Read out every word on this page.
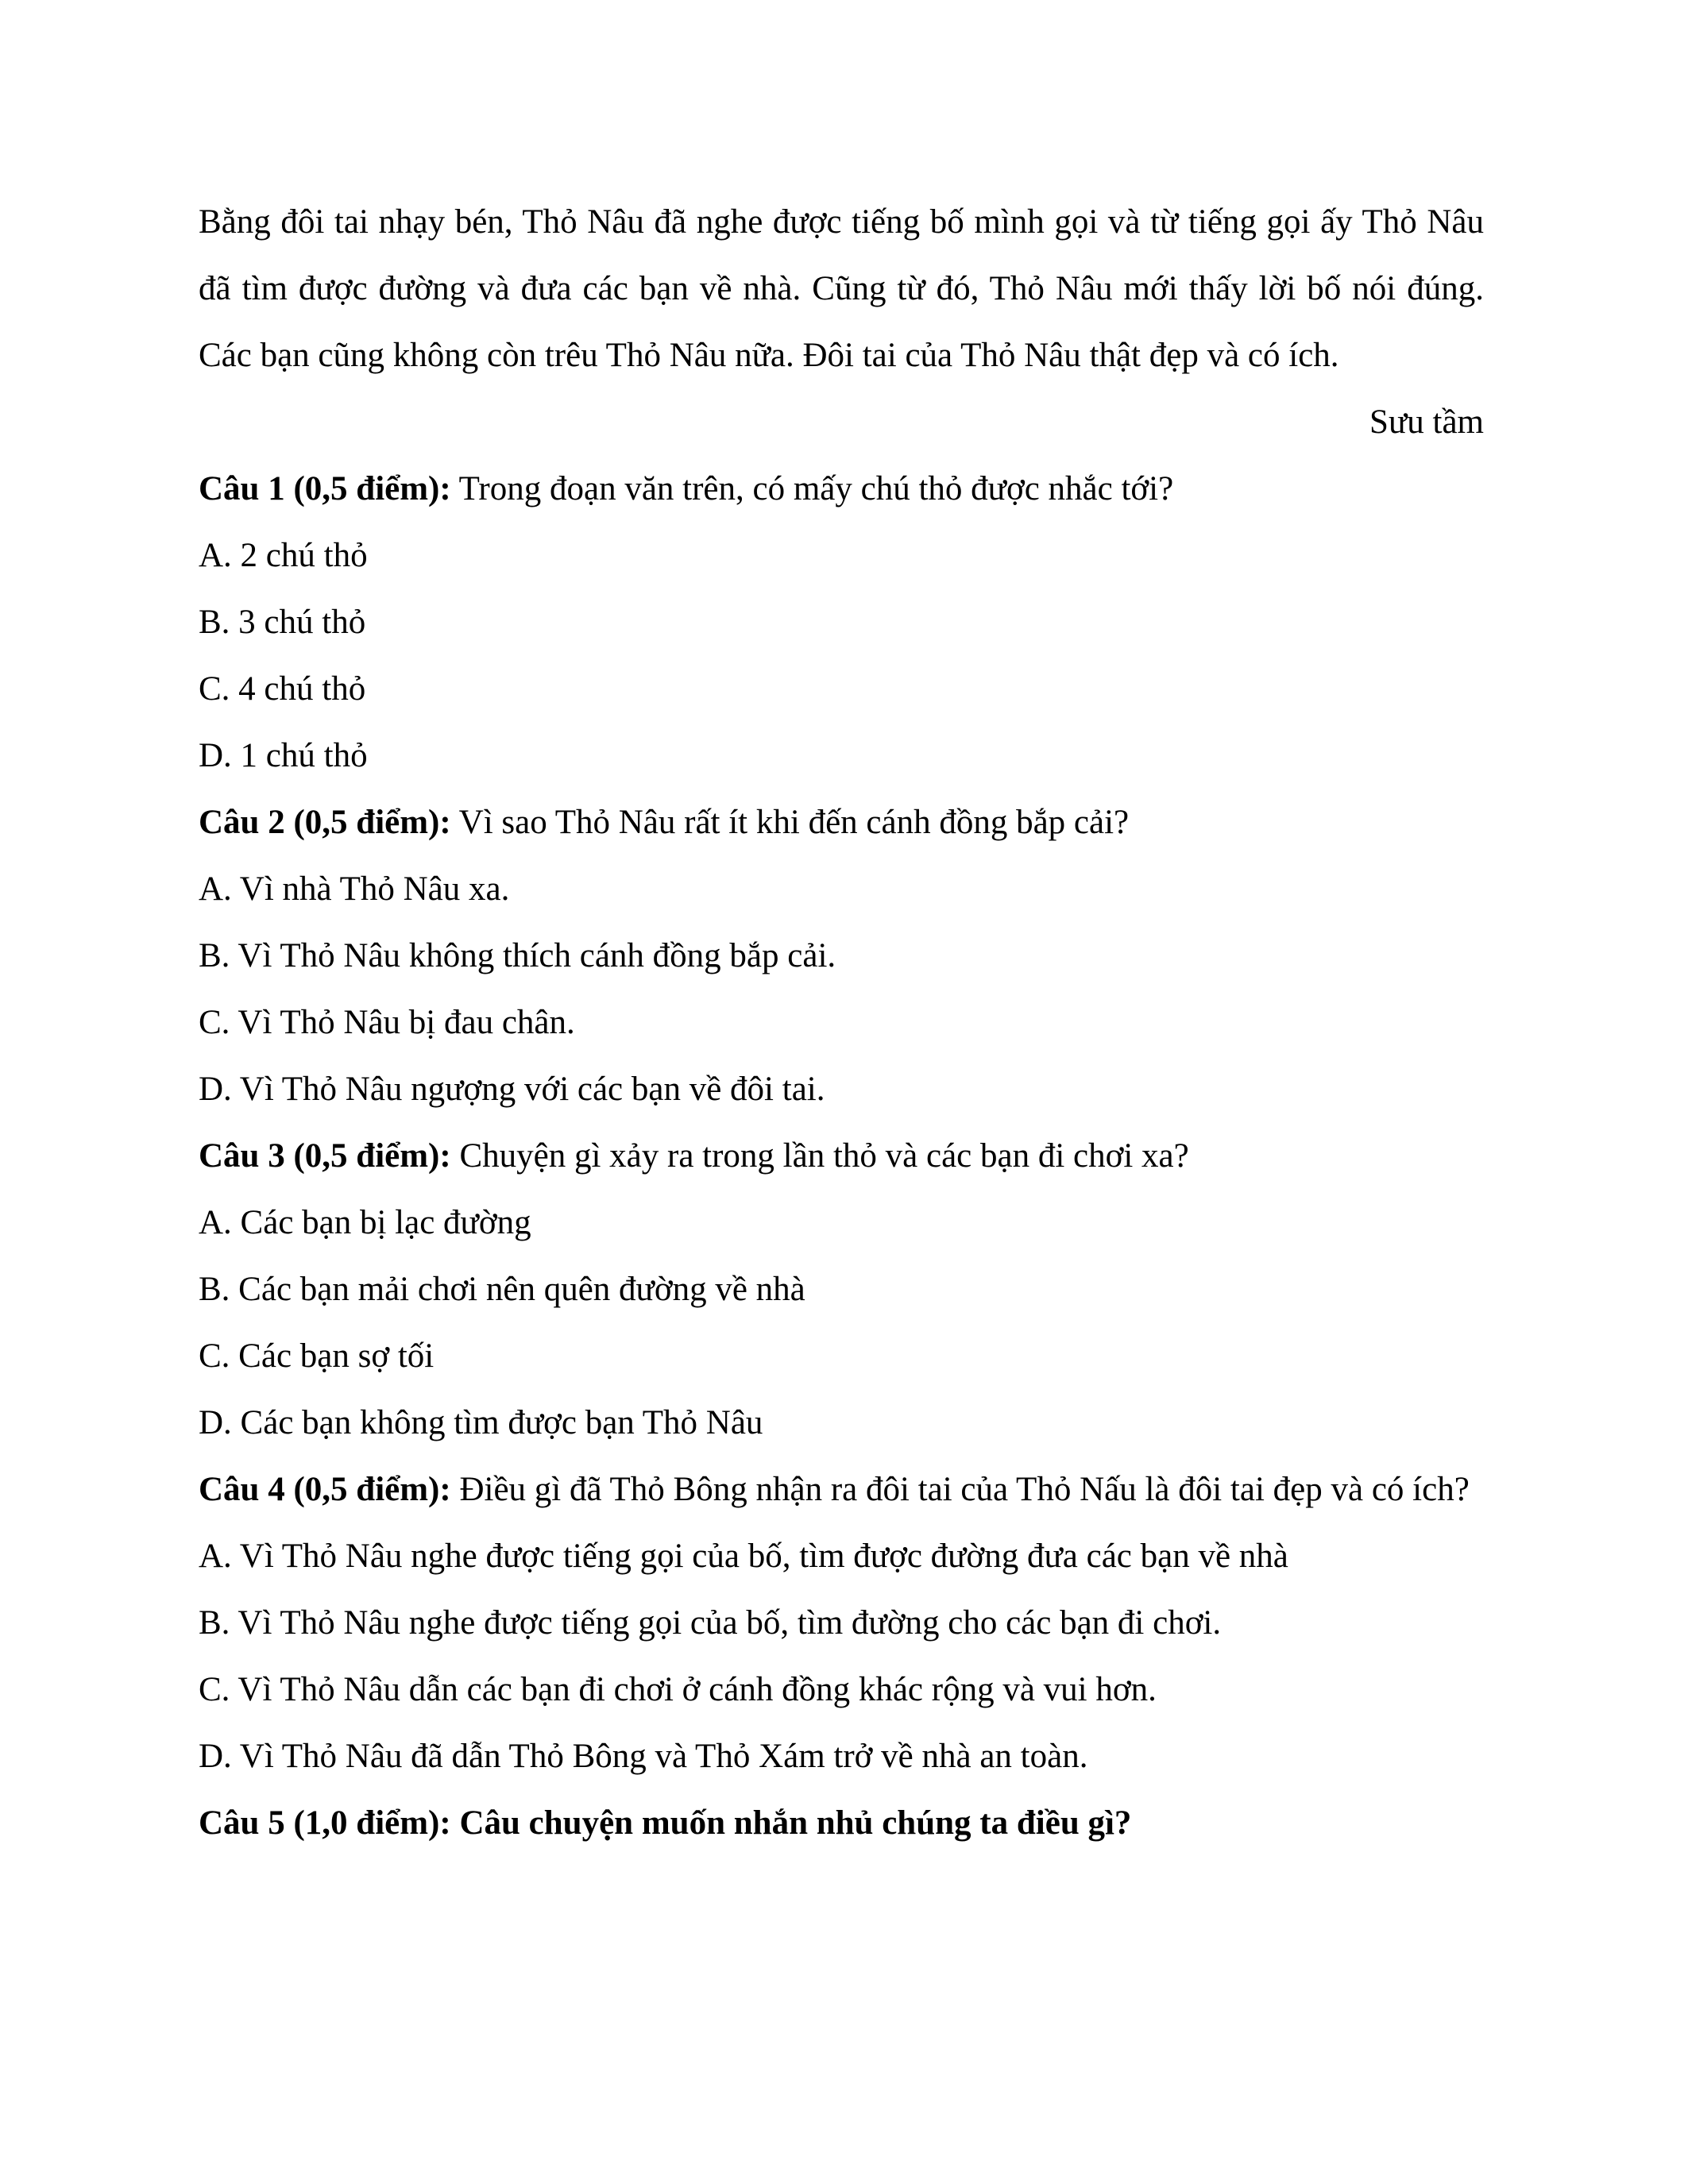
Bằng đôi tai nhạy bén, Thỏ Nâu đã nghe được tiếng bố mình gọi và từ tiếng gọi ấy Thỏ Nâu đã tìm được đường và đưa các bạn về nhà. Cũng từ đó, Thỏ Nâu mới thấy lời bố nói đúng. Các bạn cũng không còn trêu Thỏ Nâu nữa. Đôi tai của Thỏ Nâu thật đẹp và có ích.

Sưu tầm

Câu 1 (0,5 điểm): Trong đoạn văn trên, có mấy chú thỏ được nhắc tới?

A. 2 chú thỏ

B. 3 chú thỏ

C. 4 chú thỏ

D. 1 chú thỏ

Câu 2 (0,5 điểm): Vì sao Thỏ Nâu rất ít khi đến cánh đồng bắp cải?

A. Vì nhà Thỏ Nâu xa.

B. Vì Thỏ Nâu không thích cánh đồng bắp cải.

C. Vì Thỏ Nâu bị đau chân.

D. Vì Thỏ Nâu ngượng với các bạn về đôi tai.

Câu 3 (0,5 điểm): Chuyện gì xảy ra trong lần thỏ và các bạn đi chơi xa?

A. Các bạn bị lạc đường

B. Các bạn mải chơi nên quên đường về nhà

C. Các bạn sợ tối

D. Các bạn không tìm được bạn Thỏ Nâu

Câu 4 (0,5 điểm): Điều gì đã Thỏ Bông nhận ra đôi tai của Thỏ Nấu là đôi tai đẹp và có ích?

A. Vì Thỏ Nâu nghe được tiếng gọi của bố, tìm được đường đưa các bạn về nhà

B. Vì Thỏ Nâu nghe được tiếng gọi của bố, tìm đường cho các bạn đi chơi.

C. Vì Thỏ Nâu dẫn các bạn đi chơi ở cánh đồng khác rộng và vui hơn.

D. Vì Thỏ Nâu đã dẫn Thỏ Bông và Thỏ Xám trở về nhà an toàn.

Câu 5 (1,0 điểm): Câu chuyện muốn nhắn nhủ chúng ta điều gì?
